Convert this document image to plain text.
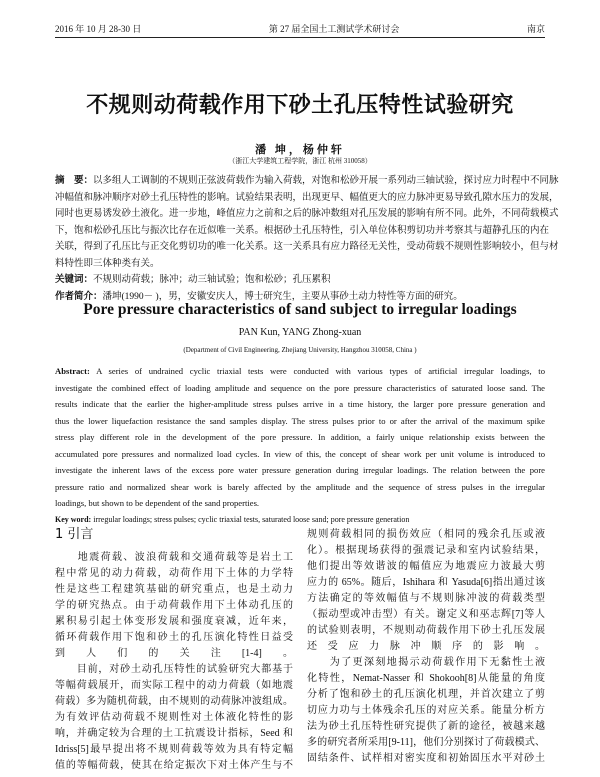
2016 年 10 月 28-30 日	第 27 届全国土工测试学术研讨会	南京
不规则动荷载作用下砂土孔压特性试验研究
潘 坤，杨仲轩
（浙江大学建筑工程学院，浙江 杭州 310058）
摘　要：以多组人工调制的不规则正弦波荷载作为输入荷载，对饱和松砂开展一系列动三轴试验，探讨应力时程中不同脉
冲幅值和脉冲顺序对砂土孔压特性的影响。试验结果表明，出现更早、幅值更大的应力脉冲更易导致孔隙水压力的发展，
同时也更易诱发砂土液化。进一步地，峰值应力之前和之后的脉冲数组对孔压发展的影响有所不同。此外，不同荷载模式
下，饱和松砂孔压比与振次比存在近似唯一关系。根据砂土孔压特性，引入单位体积剪切功并考察其与超静孔压的内在
关联，得到了孔压比与正交化剪切功的唯一化关系。这一关系具有应力路径无关性，受动荷载不规则性影响较小，但与材
料特性即三体种类有关。
关键词：不规则动荷载；脉冲；动三轴试验；饱和松砂；孔压累积
作者简介：潘坤(1990－ )，男，安徽安庆人，博士研究生，主要从事砂土动力特性等方面的研究。
Pore pressure characteristics of sand subject to irregular loadings
PAN Kun, YANG Zhong-xuan
(Department of Civil Engineering, Zhejiang University, Hangzhou 310058, China )
Abstract: A series of undrained cyclic triaxial tests were conducted with various types of artificial irregular loadings, to
investigate the combined effect of loading amplitude and sequence on the pore pressure characteristics of saturated loose sand. The
results indicate that the earlier the higher-amplitude stress pulses arrive in a time history, the larger pore pressure generation and
thus the lower liquefaction resistance the sand samples display. The stress pulses prior to or after the arrival of the maximum spike
stress play different role in the development of the pore pressure. In addition, a fairly unique relationship exists between the
accumulated pore pressures and normalized load cycles. In view of this, the concept of shear work per unit volume is introduced to
investigate the inherent laws of the excess pore water pressure generation during irregular loadings. The relation between the pore
pressure ratio and normalized shear work is barely affected by the amplitude and the sequence of stress pulses in the irregular
loadings, but shown to be dependent of the sand properties.
Key word: irregular loadings; stress pulses; cyclic triaxial tests, saturated loose sand; pore pressure generation
1 引言
　　地震荷载、波浪荷载和交通荷载等是岩土工
程中常见的动力荷载，动荷作用下土体的力学特
性是这些工程建筑基础的研究重点，也是土动力
学的研究热点。由于动荷载作用下土体动孔压的
累积易引起土体变形发展和强度衰减，近年来，
循环荷载作用下饱和砂土的孔压演化特性日益受
到人们的关注[1-4]。
　　目前，对砂土动孔压特性的试验研究大都基于
等幅荷载展开，而实际工程中的动力荷载（如地震
荷载）多为随机荷载，由不规则的动荷脉冲波组成。
为有效评估动荷载不规则性对土体液化特性的影
响，并确定较为合理的土工抗震设计指标，Seed 和
Idriss[5]最早提出将不规则荷载等效为具有特定幅
值的等幅荷载，使其在给定振次下对土体产生与不
规则荷载相同的损伤效应（相同的残余孔压或液
化）。根据现场获得的强震记录和室内试验结果，
他们提出等效谐波的幅值应为地震应力波最大剪
应力的 65%。随后，Ishihara 和 Yasuda[6]指出通过该
方法确定的等效幅值与不规则脉冲波的荷载类型
（振动型或冲击型）有关。谢定义和巫志辉[7]等人
的试验则表明，不规则动荷载作用下砂土孔压发展
还受应力脉冲顺序的影响。
　　为了更深刻地揭示动荷载作用下无黏性土液
化特性，Nemat-Nasser 和 Shokooh[8]从能量的角度
分析了饱和砂土的孔压演化机理，并首次建立了剪
切应力功与土体残余孔压的对应关系。能量分析方
法为砂土孔压特性研究提供了新的途径，被越来越
多的研究者所采用[9-11]，他们分别探讨了荷载模式、
固结条件、试样相对密实度和初始固压水平对砂土
